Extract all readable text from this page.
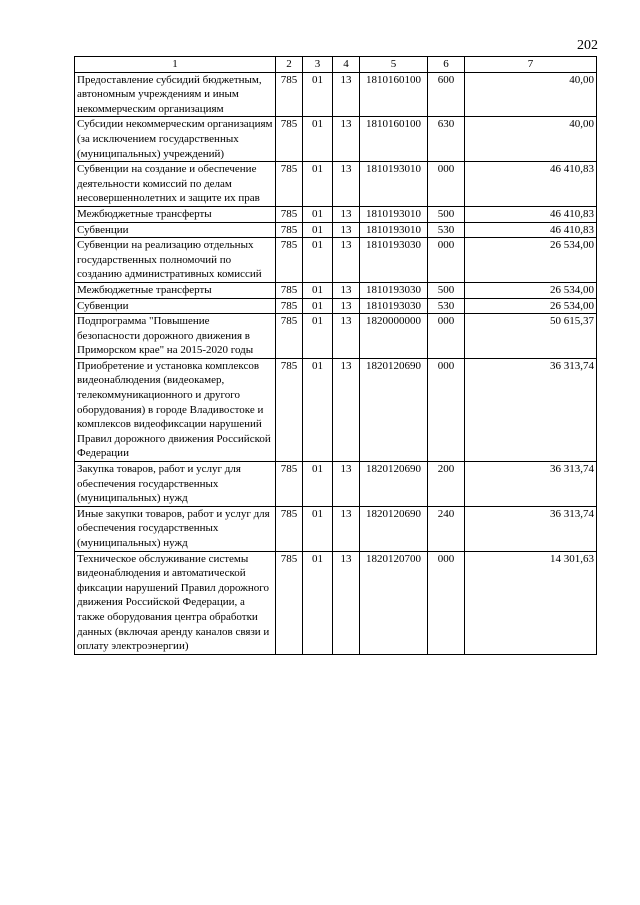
202
1	2	3	4	5	6	7
Предоставление субсидий бюджетным, автономным учреждениям и иным некоммерческим организациям	785	01	13	1810160100	600	40,00
Субсидии некоммерческим организациям (за исключением государственных (муниципальных) учреждений)	785	01	13	1810160100	630	40,00
Субвенции на создание и обеспечение деятельности комиссий по делам несовершеннолетних и защите их прав	785	01	13	1810193010	000	46 410,83
Межбюджетные трансферты	785	01	13	1810193010	500	46 410,83
Субвенции	785	01	13	1810193010	530	46 410,83
Субвенции на реализацию отдельных государственных полномочий по созданию административных комиссий	785	01	13	1810193030	000	26 534,00
Межбюджетные трансферты	785	01	13	1810193030	500	26 534,00
Субвенции	785	01	13	1810193030	530	26 534,00
Подпрограмма "Повышение безопасности дорожного движения в Приморском крае" на 2015-2020 годы	785	01	13	1820000000	000	50 615,37
Приобретение и установка комплексов видеонаблюдения (видеокамер, телекоммуникационного и другого оборудования) в городе Владивостоке и комплексов видеофиксации нарушений Правил дорожного движения Российской Федерации	785	01	13	1820120690	000	36 313,74
Закупка товаров, работ и услуг для обеспечения государственных (муниципальных) нужд	785	01	13	1820120690	200	36 313,74
Иные закупки товаров, работ и услуг для обеспечения государственных (муниципальных) нужд	785	01	13	1820120690	240	36 313,74
Техническое обслуживание системы видеонаблюдения и автоматической фиксации нарушений Правил дорожного движения Российской Федерации, а также оборудования центра обработки данных (включая аренду каналов связи и оплату электроэнергии)	785	01	13	1820120700	000	14 301,63
